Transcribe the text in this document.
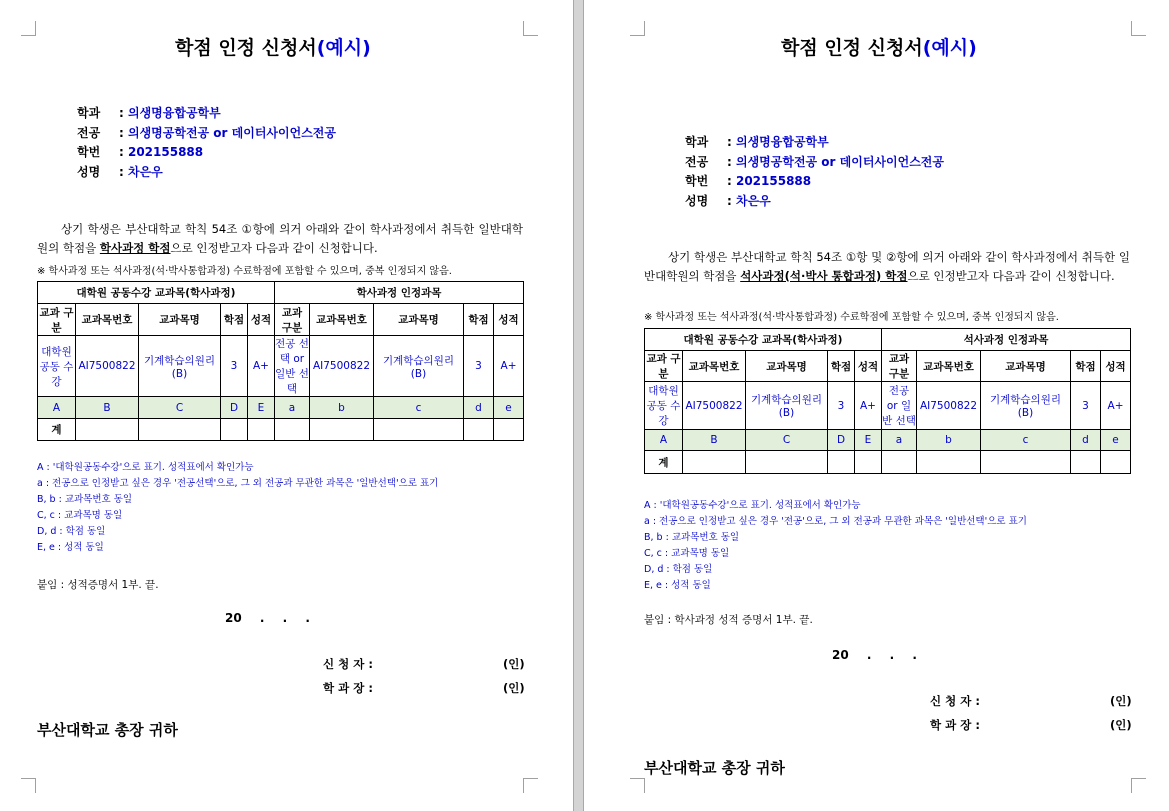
학점 인정 신청서(예시)
학과 : 의생명융합공학부
전공 : 의생명공학전공 or 데이터사이언스전공
학번 : 202155888
성명 : 차은우
상기 학생은 부산대학교 학칙 54조 ①항에 의거 아래와 같이 학사과정에서 취득한 일반대학원의 학점을 학사과정 학점으로 인정받고자 다음과 같이 신청합니다.
※ 학사과정 또는 석사과정(석·박사통합과정) 수료학점에 포함할 수 있으며, 중복 인정되지 않음.
대학원 공동수강 교과목(학사과정)					학사과정 인정과목				
교과 구분	교과목번호	교과목명	학점	성적	교과 구분	교과목번호	교과목명	학점	성적
대학원 공동 수강	AI7500822	기계학습의원리 (B)	3	A+	전공 선택 or 일반 선택	AI7500822	기계학습의원리 (B)	3	A+
A	B	C	D	E	a	b	c	d	e
계									
A : '대학원공동수강'으로 표기. 성적표에서 확인가능
a : 전공으로 인정받고 싶은 경우 '전공선택'으로, 그 외 전공과 무관한 과목은 '일반선택'으로 표기
B, b : 교과목번호 동일
C, c : 교과목명 동일
D, d : 학점 동일
E, e : 성적 동일
붙임 : 성적증명서 1부. 끝.
20 . . .
신 청 자 :	(인)
학 과 장 :	(인)
부산대학교 총장 귀하
학점 인정 신청서(예시)
학과 : 의생명융합공학부
전공 : 의생명공학전공 or 데이터사이언스전공
학번 : 202155888
성명 : 차은우
상기 학생은 부산대학교 학칙 54조 ①항 및 ②항에 의거 아래와 같이 학사과정에서 취득한 일반대학원의 학점을 석사과정(석·박사 통합과정) 학점으로 인정받고자 다음과 같이 신청합니다.
※ 학사과정 또는 석사과정(석·박사통합과정) 수료학점에 포함할 수 있으며, 중복 인정되지 않음.
대학원 공동수강 교과목(학사과정)					석사과정 인정과목				
교과 구분	교과목번호	교과목명	학점	성적	교과 구분	교과목번호	교과목명	학점	성적
대학원 공동 수강	AI7500822	기계학습의원리 (B)	3	A+	전공 or 일반 선택	AI7500822	기계학습의원리 (B)	3	A+
A	B	C	D	E	a	b	c	d	e
계									
A : '대학원공동수강'으로 표기. 성적표에서 확인가능
a : 전공으로 인정받고 싶은 경우 '전공'으로, 그 외 전공과 무관한 과목은 '일반선택'으로 표기
B, b : 교과목번호 동일
C, c : 교과목명 동일
D, d : 학점 동일
E, e : 성적 동일
붙임 : 학사과정 성적 증명서 1부. 끝.
20 . . .
신 청 자 :	(인)
학 과 장 :	(인)
부산대학교 총장 귀하
